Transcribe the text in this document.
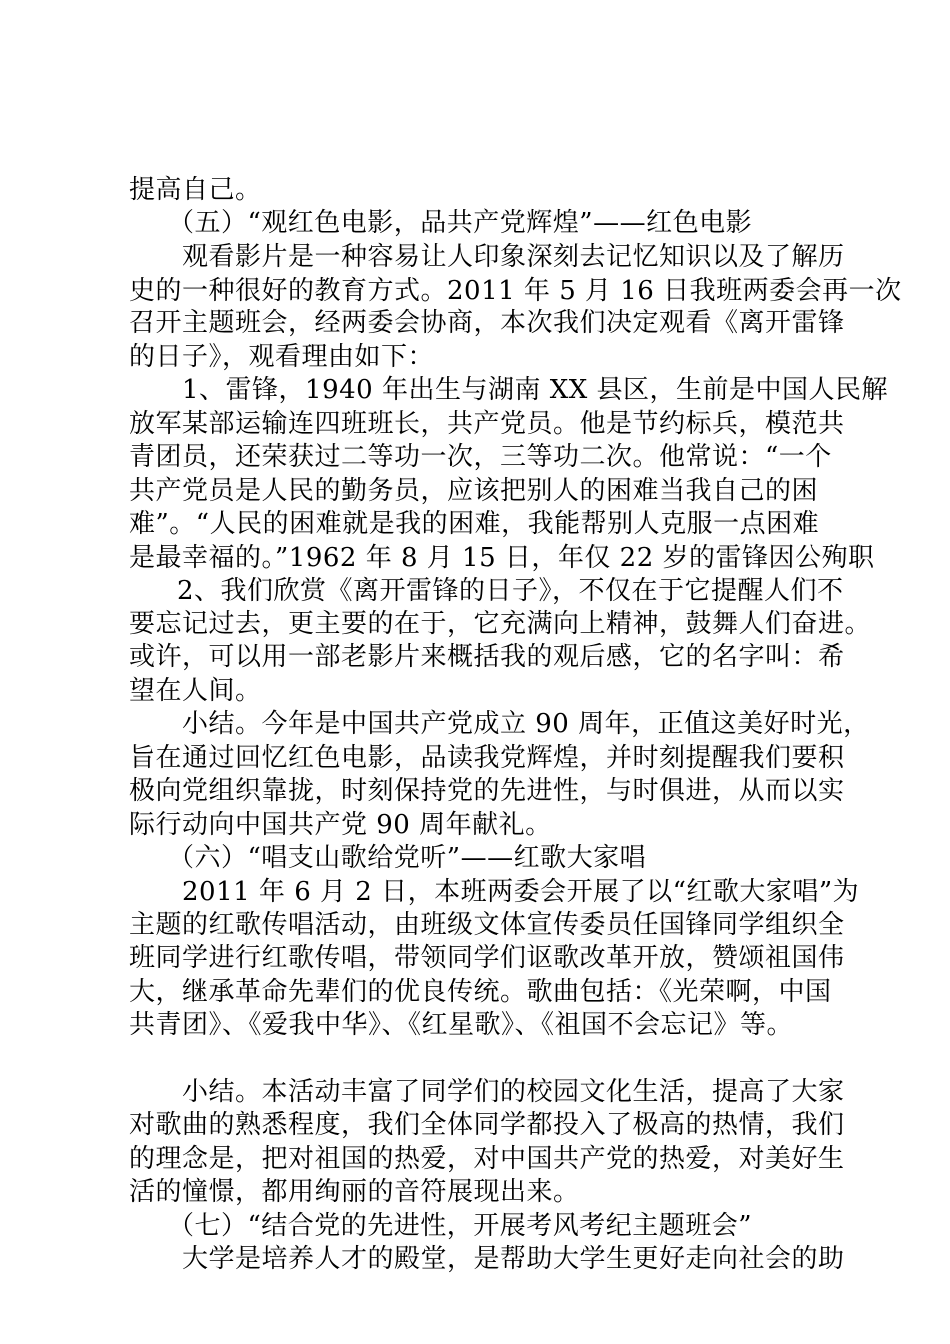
提高自己。
（五）“观红色电影，品共产党辉煌”——红色电影
观看影片是一种容易让人印象深刻去记忆知识以及了解历
史的一种很好的教育方式。2011 年 5 月 16 日我班两委会再一次
召开主题班会，经两委会协商，本次我们决定观看《离开雷锋
的日子》，观看理由如下：
1、雷锋，1940 年出生与湖南 XX 县区，生前是中国人民解
放军某部运输连四班班长，共产党员。他是节约标兵，模范共
青团员，还荣获过二等功一次，三等功二次。他常说：“一个
共产党员是人民的勤务员，应该把别人的困难当我自己的困
难”。“人民的困难就是我的困难，我能帮别人克服一点困难
是最幸福的。”1962 年 8 月 15 日，年仅 22 岁的雷锋因公殉职
2、我们欣赏《离开雷锋的日子》，不仅在于它提醒人们不
要忘记过去，更主要的在于，它充满向上精神，鼓舞人们奋进。
或许，可以用一部老影片来概括我的观后感，它的名字叫：希
望在人间。
小结。今年是中国共产党成立 90 周年，正值这美好时光，
旨在通过回忆红色电影，品读我党辉煌，并时刻提醒我们要积
极向党组织靠拢，时刻保持党的先进性，与时俱进，从而以实
际行动向中国共产党 90 周年献礼。
（六）“唱支山歌给党听”——红歌大家唱
2011 年 6 月 2 日，本班两委会开展了以“红歌大家唱”为
主题的红歌传唱活动，由班级文体宣传委员任国锋同学组织全
班同学进行红歌传唱，带领同学们讴歌改革开放，赞颂祖国伟
大，继承革命先辈们的优良传统。歌曲包括：《光荣啊，中国
共青团》、《爱我中华》、《红星歌》、《祖国不会忘记》等。
小结。本活动丰富了同学们的校园文化生活，提高了大家
对歌曲的熟悉程度，我们全体同学都投入了极高的热情，我们
的理念是，把对祖国的热爱，对中国共产党的热爱，对美好生
活的憧憬，都用绚丽的音符展现出来。
（七）“结合党的先进性，开展考风考纪主题班会”
大学是培养人才的殿堂，是帮助大学生更好走向社会的助
